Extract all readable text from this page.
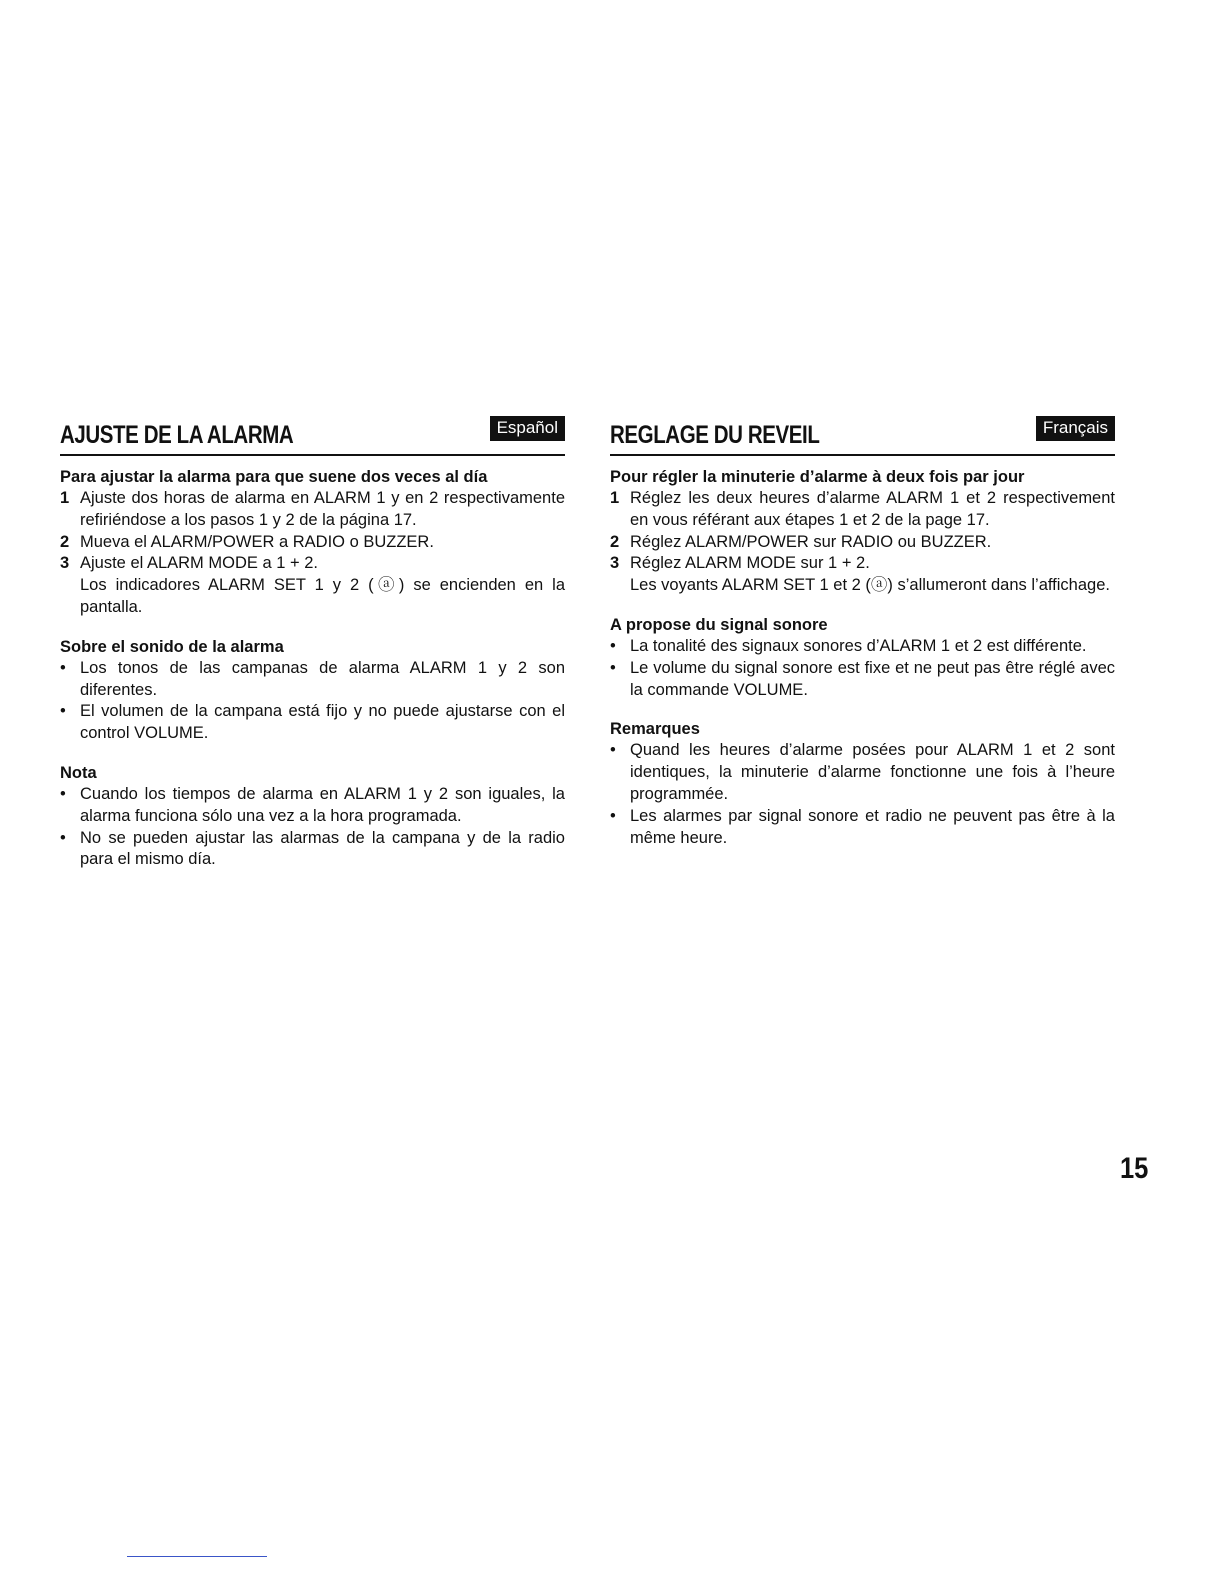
AJUSTE DE LA ALARMA	Español
Para ajustar la alarma para que suene dos veces al día
1 Ajuste dos horas de alarma en ALARM 1 y en 2 respectivamente refiriéndose a los pasos 1 y 2 de la página 17.
2 Mueva el ALARM/POWER a RADIO o BUZZER.
3 Ajuste el ALARM MODE a 1 + 2.
Los indicadores ALARM SET 1 y 2 (ⓐ) se encienden en la pantalla.
Sobre el sonido de la alarma
• Los tonos de las campanas de alarma ALARM 1 y 2 son diferentes.
• El volumen de la campana está fijo y no puede ajustarse con el control VOLUME.
Nota
• Cuando los tiempos de alarma en ALARM 1 y 2 son iguales, la alarma funciona sólo una vez a la hora programada.
• No se pueden ajustar las alarmas de la campana y de la radio para el mismo día.
REGLAGE DU REVEIL	Français
Pour régler la minuterie d’alarme à deux fois par jour
1 Réglez les deux heures d’alarme ALARM 1 et 2 respectivement en vous référant aux étapes 1 et 2 de la page 17.
2 Réglez ALARM/POWER sur RADIO ou BUZZER.
3 Réglez ALARM MODE sur 1 + 2.
Les voyants ALARM SET 1 et 2 (ⓐ) s’allumeront dans l’affichage.
A propose du signal sonore
• La tonalité des signaux sonores d’ALARM 1 et 2 est différente.
• Le volume du signal sonore est fixe et ne peut pas être réglé avec la commande VOLUME.
Remarques
• Quand les heures d’alarme posées pour ALARM 1 et 2 sont identiques, la minuterie d’alarme fonctionne une fois à l’heure programmée.
• Les alarmes par signal sonore et radio ne peuvent pas être à la même heure.
15
